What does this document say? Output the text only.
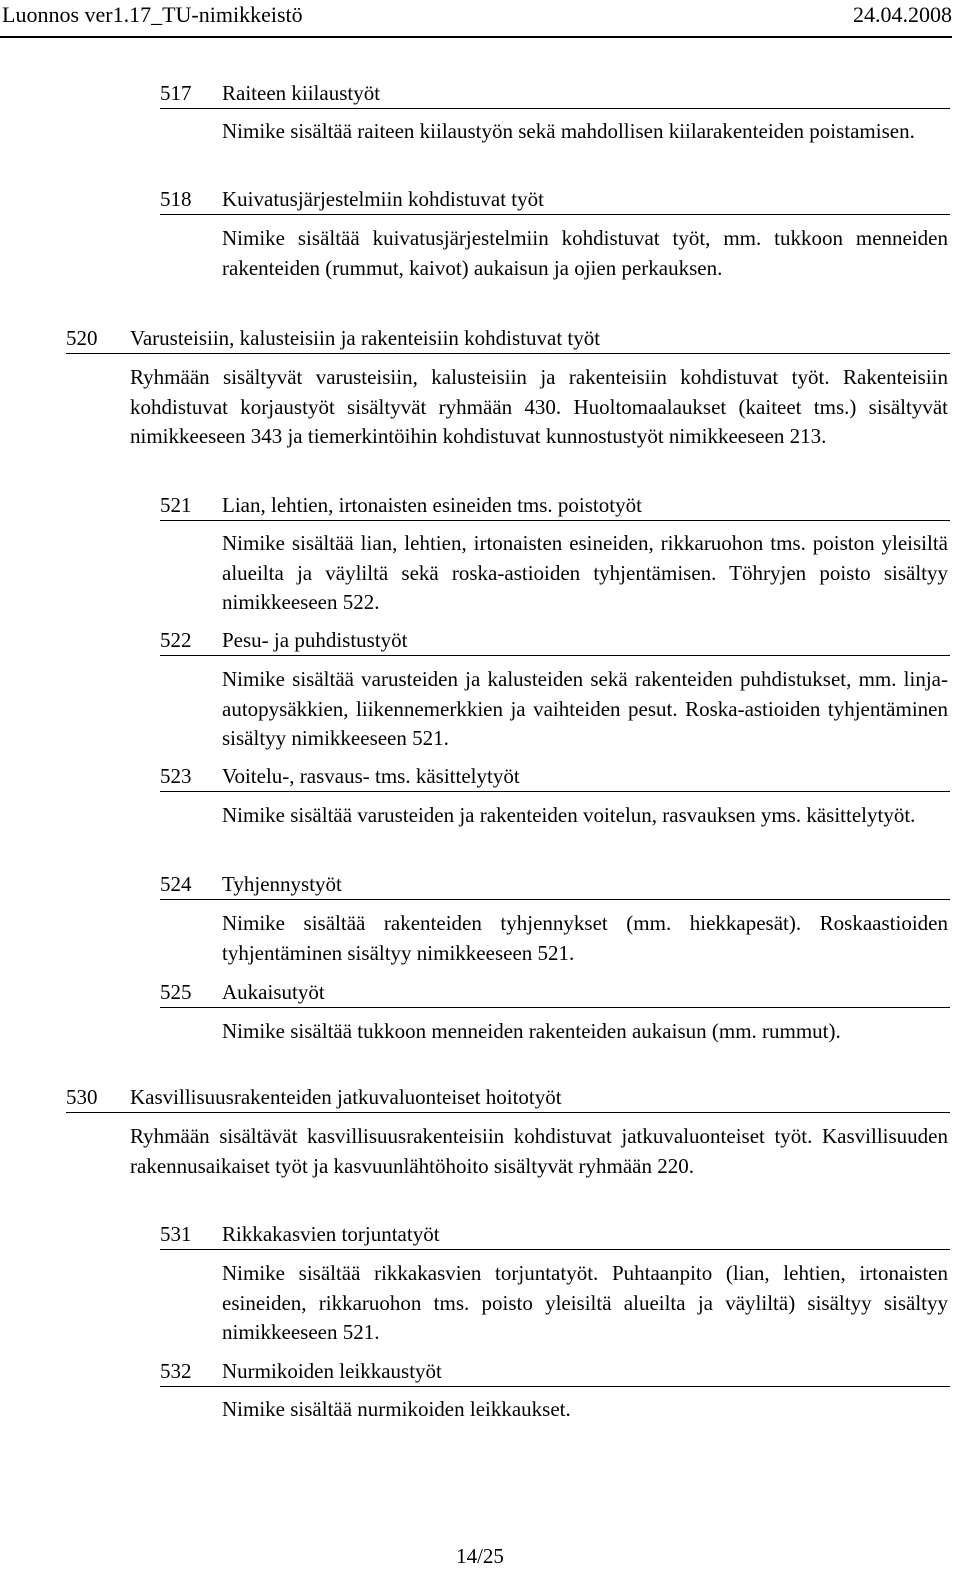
Luonnos ver1.17_TU-nimikkeistö	24.04.2008
517 Raiteen kiilaustyöt
Nimike sisältää raiteen kiilaustyön sekä mahdollisen kiilarakenteiden poistamisen.
518 Kuivatusjärjestelmiin kohdistuvat työt
Nimike sisältää kuivatusjärjestelmiin kohdistuvat työt, mm. tukkoon menneiden rakenteiden (rummut, kaivot) aukaisun ja ojien perkauksen.
520 Varusteisiin, kalusteisiin ja rakenteisiin kohdistuvat työt
Ryhmään sisältyvät varusteisiin, kalusteisiin ja rakenteisiin kohdistuvat työt. Rakenteisiin kohdistuvat korjaustyöt sisältyvät ryhmään 430. Huoltomaalaukset (kaiteet tms.) sisältyvät nimikkeeseen 343 ja tiemerkintöihin kohdistuvat kunnostustyöt nimikkeeseen 213.
521 Lian, lehtien, irtonaisten esineiden tms. poistotyöt
Nimike sisältää lian, lehtien, irtonaisten esineiden, rikkaruohon tms. poiston yleisiltä alueilta ja väyliltä sekä roska-astioiden tyhjentämisen. Töhryjen poisto sisältyy nimikkeeseen 522.
522 Pesu- ja puhdistustyöt
Nimike sisältää varusteiden ja kalusteiden sekä rakenteiden puhdistukset, mm. linja-autopysäkkien, liikennemerkkien ja vaihteiden pesut. Roska-astioiden tyhjentäminen sisältyy nimikkeeseen 521.
523 Voitelu-, rasvaus- tms. käsittelytyöt
Nimike sisältää varusteiden ja rakenteiden voitelun, rasvauksen yms. käsittelytyöt.
524 Tyhjennystyöt
Nimike sisältää rakenteiden tyhjennykset (mm. hiekkapesät). Roskaastioiden tyhjentäminen sisältyy nimikkeeseen 521.
525 Aukaisutyöt
Nimike sisältää tukkoon menneiden rakenteiden aukaisun (mm. rummut).
530 Kasvillisuusrakenteiden jatkuvaluonteiset hoitotyöt
Ryhmään sisältävät kasvillisuusrakenteisiin kohdistuvat jatkuvaluonteiset työt. Kasvillisuuden rakennusaikaiset työt ja kasvuunlähtöhoito sisältyvät ryhmään 220.
531 Rikkakasvien torjuntatyöt
Nimike sisältää rikkakasvien torjuntatyöt. Puhtaanpito (lian, lehtien, irtonaisten esineiden, rikkaruohon tms. poisto yleisiltä alueilta ja väyliltä) sisältyy sisältyy nimikkeeseen 521.
532 Nurmikoiden leikkaustyöt
Nimike sisältää nurmikoiden leikkaukset.
14/25
